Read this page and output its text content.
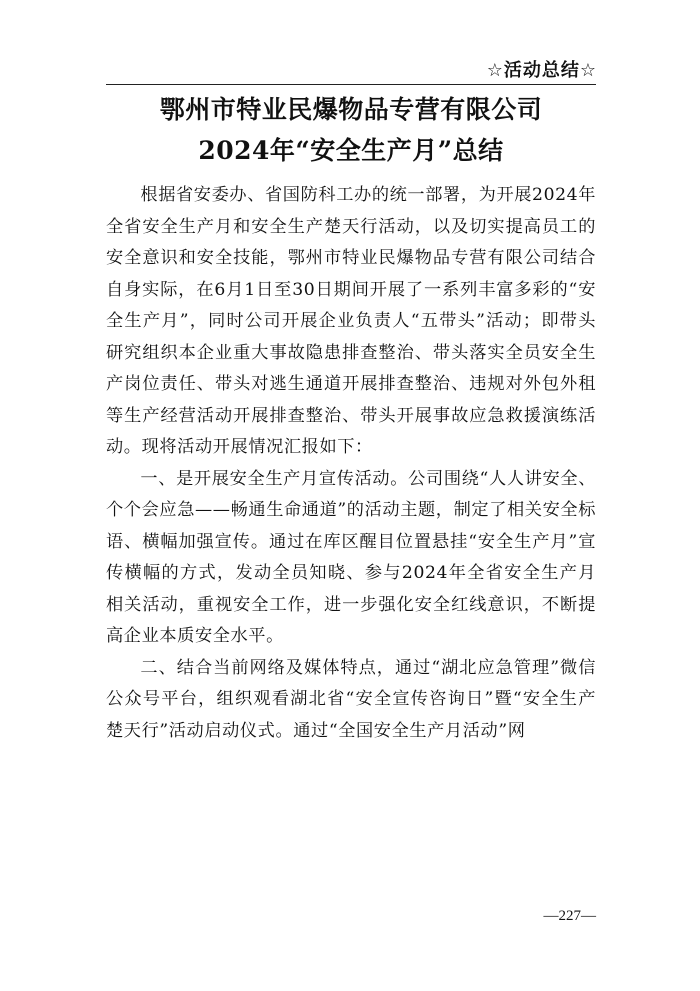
☆活动总结☆
鄂州市特业民爆物品专营有限公司
2024年“安全生产月”总结

根据省安委办、省国防科工办的统一部署，为开展2024年全省安全生产月和安全生产楚天行活动，以及切实提高员工的安全意识和安全技能，鄂州市特业民爆物品专营有限公司结合自身实际，在6月1日至30日期间开展了一系列丰富多彩的“安全生产月”，同时公司开展企业负责人“五带头”活动；即带头研究组织本企业重大事故隐患排查整治、带头落实全员安全生产岗位责任、带头对逃生通道开展排查整治、违规对外包外租等生产经营活动开展排查整治、带头开展事故应急救援演练活动。现将活动开展情况汇报如下：

一、是开展安全生产月宣传活动。公司围绕“人人讲安全、个个会应急——畅通生命通道”的活动主题，制定了相关安全标语、横幅加强宣传。通过在库区醒目位置悬挂“安全生产月”宣传横幅的方式，发动全员知晓、参与2024年全省安全生产月相关活动，重视安全工作，进一步强化安全红线意识，不断提高企业本质安全水平。

二、结合当前网络及媒体特点，通过“湖北应急管理”微信公众号平台，组织观看湖北省“安全宣传咨询日”暨“安全生产楚天行”活动启动仪式。通过“全国安全生产月活动”网

—227—
